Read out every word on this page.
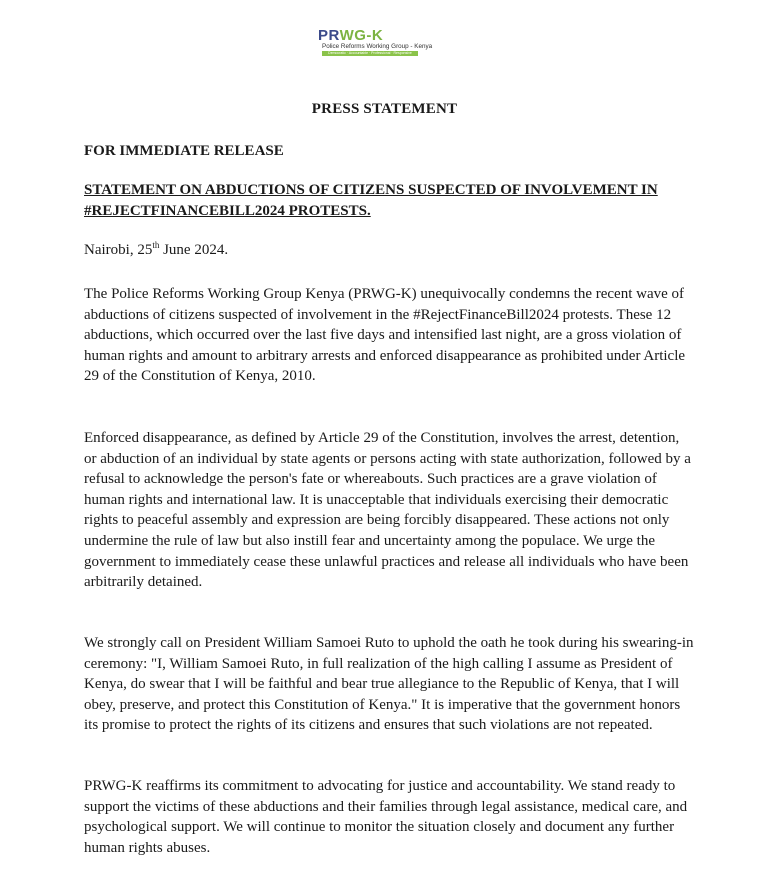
PRWG-K
Police Reforms Working Group - Kenya
Democratic · Accountable · Professional · Responsive
PRESS STATEMENT
FOR IMMEDIATE RELEASE
STATEMENT ON ABDUCTIONS OF CITIZENS SUSPECTED OF INVOLVEMENT IN #REJECTFINANCEBILL2024 PROTESTS.
Nairobi, 25th June 2024.
The Police Reforms Working Group Kenya (PRWG-K) unequivocally condemns the recent wave of abductions of citizens suspected of involvement in the #RejectFinanceBill2024 protests. These 12 abductions, which occurred over the last five days and intensified last night, are a gross violation of human rights and amount to arbitrary arrests and enforced disappearance as prohibited under Article 29 of the Constitution of Kenya, 2010.
Enforced disappearance, as defined by Article 29 of the Constitution, involves the arrest, detention, or abduction of an individual by state agents or persons acting with state authorization, followed by a refusal to acknowledge the person's fate or whereabouts. Such practices are a grave violation of human rights and international law. It is unacceptable that individuals exercising their democratic rights to peaceful assembly and expression are being forcibly disappeared. These actions not only undermine the rule of law but also instill fear and uncertainty among the populace. We urge the government to immediately cease these unlawful practices and release all individuals who have been arbitrarily detained.
We strongly call on President William Samoei Ruto to uphold the oath he took during his swearing-in ceremony: "I, William Samoei Ruto, in full realization of the high calling I assume as President of Kenya, do swear that I will be faithful and bear true allegiance to the Republic of Kenya, that I will obey, preserve, and protect this Constitution of Kenya." It is imperative that the government honors its promise to protect the rights of its citizens and ensures that such violations are not repeated.
PRWG-K reaffirms its commitment to advocating for justice and accountability. We stand ready to support the victims of these abductions and their families through legal assistance, medical care, and psychological support. We will continue to monitor the situation closely and document any further human rights abuses.
